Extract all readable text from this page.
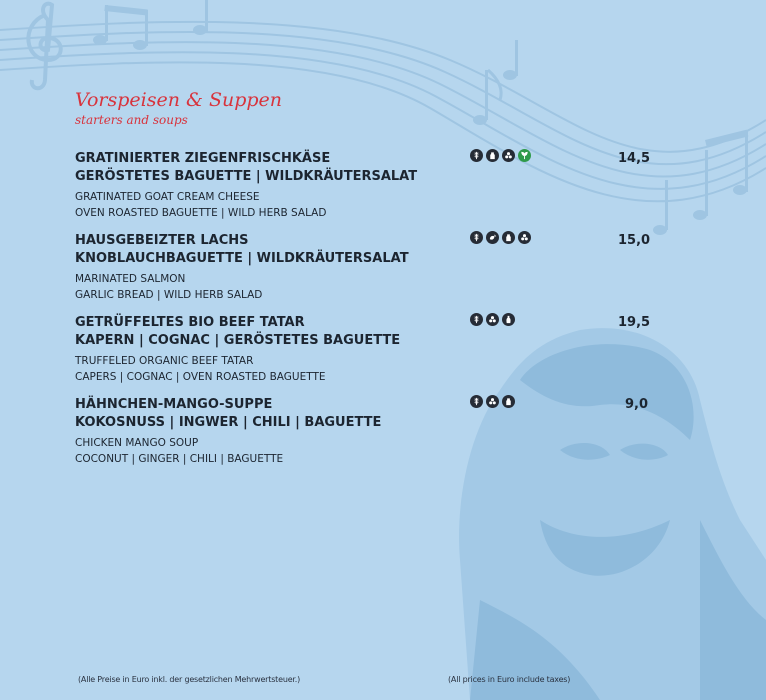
Vorspeisen & Suppen
starters and soups
GRATINIERTER ZIEGENFRISCHKÄSE
GERÖSTETES BAGUETTE | WILDKRÄUTERSALAT
GRATINATED GOAT CREAM CHEESE
OVEN ROASTED BAGUETTE | WILD HERB SALAD
14,5
HAUSGEBEIZTER LACHS
KNOBLAUCHBAGUETTE | WILDKRÄUTERSALAT
MARINATED SALMON
GARLIC BREAD | WILD HERB SALAD
15,0
GETRÜFFELTES BIO BEEF TATAR
KAPERN | COGNAC | GERÖSTETES BAGUETTE
TRUFFELED ORGANIC BEEF TATAR
CAPERS | COGNAC | OVEN ROASTED BAGUETTE
19,5
HÄHNCHEN-MANGO-SUPPE
KOKOSNUSS | INGWER | CHILI | BAGUETTE
CHICKEN MANGO SOUP
COCONUT | GINGER | CHILI | BAGUETTE
9,0
(Alle Preise in Euro inkl. der gesetzlichen Mehrwertsteuer.)	(All prices in Euro include taxes)
